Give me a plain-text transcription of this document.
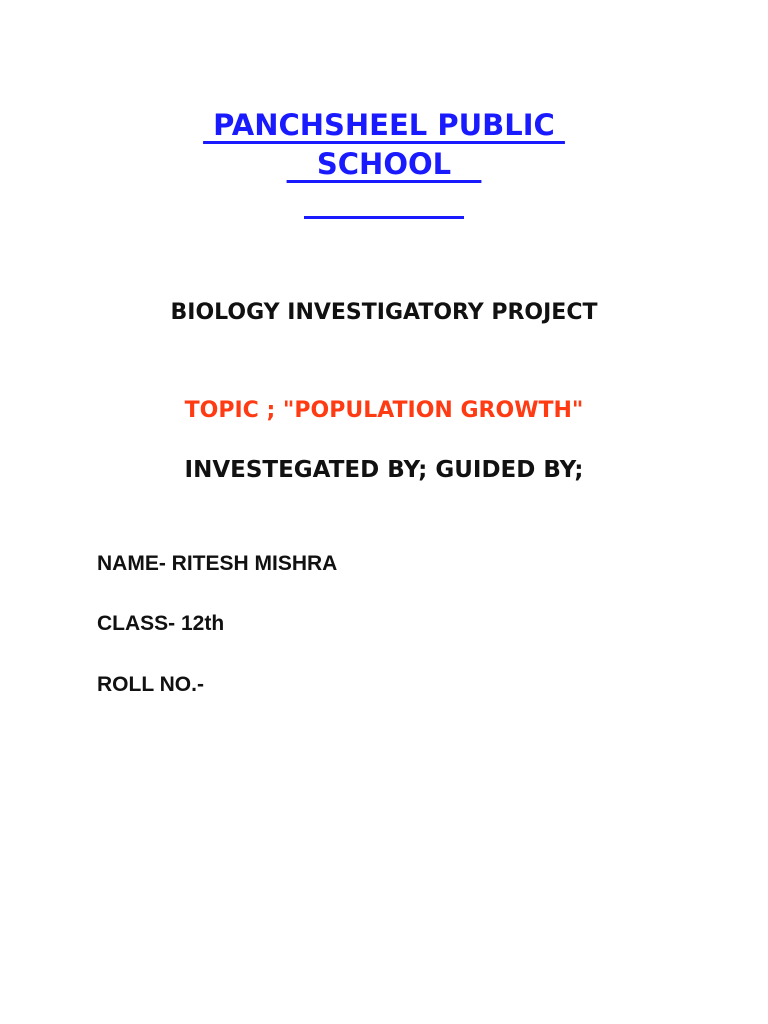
PANCHSHEEL PUBLIC
SCHOOL
BIOLOGY INVESTIGATORY PROJECT
TOPIC ; "POPULATION GROWTH"
INVESTEGATED BY; GUIDED BY;
NAME- RITESH MISHRA
CLASS- 12th
ROLL NO.-
